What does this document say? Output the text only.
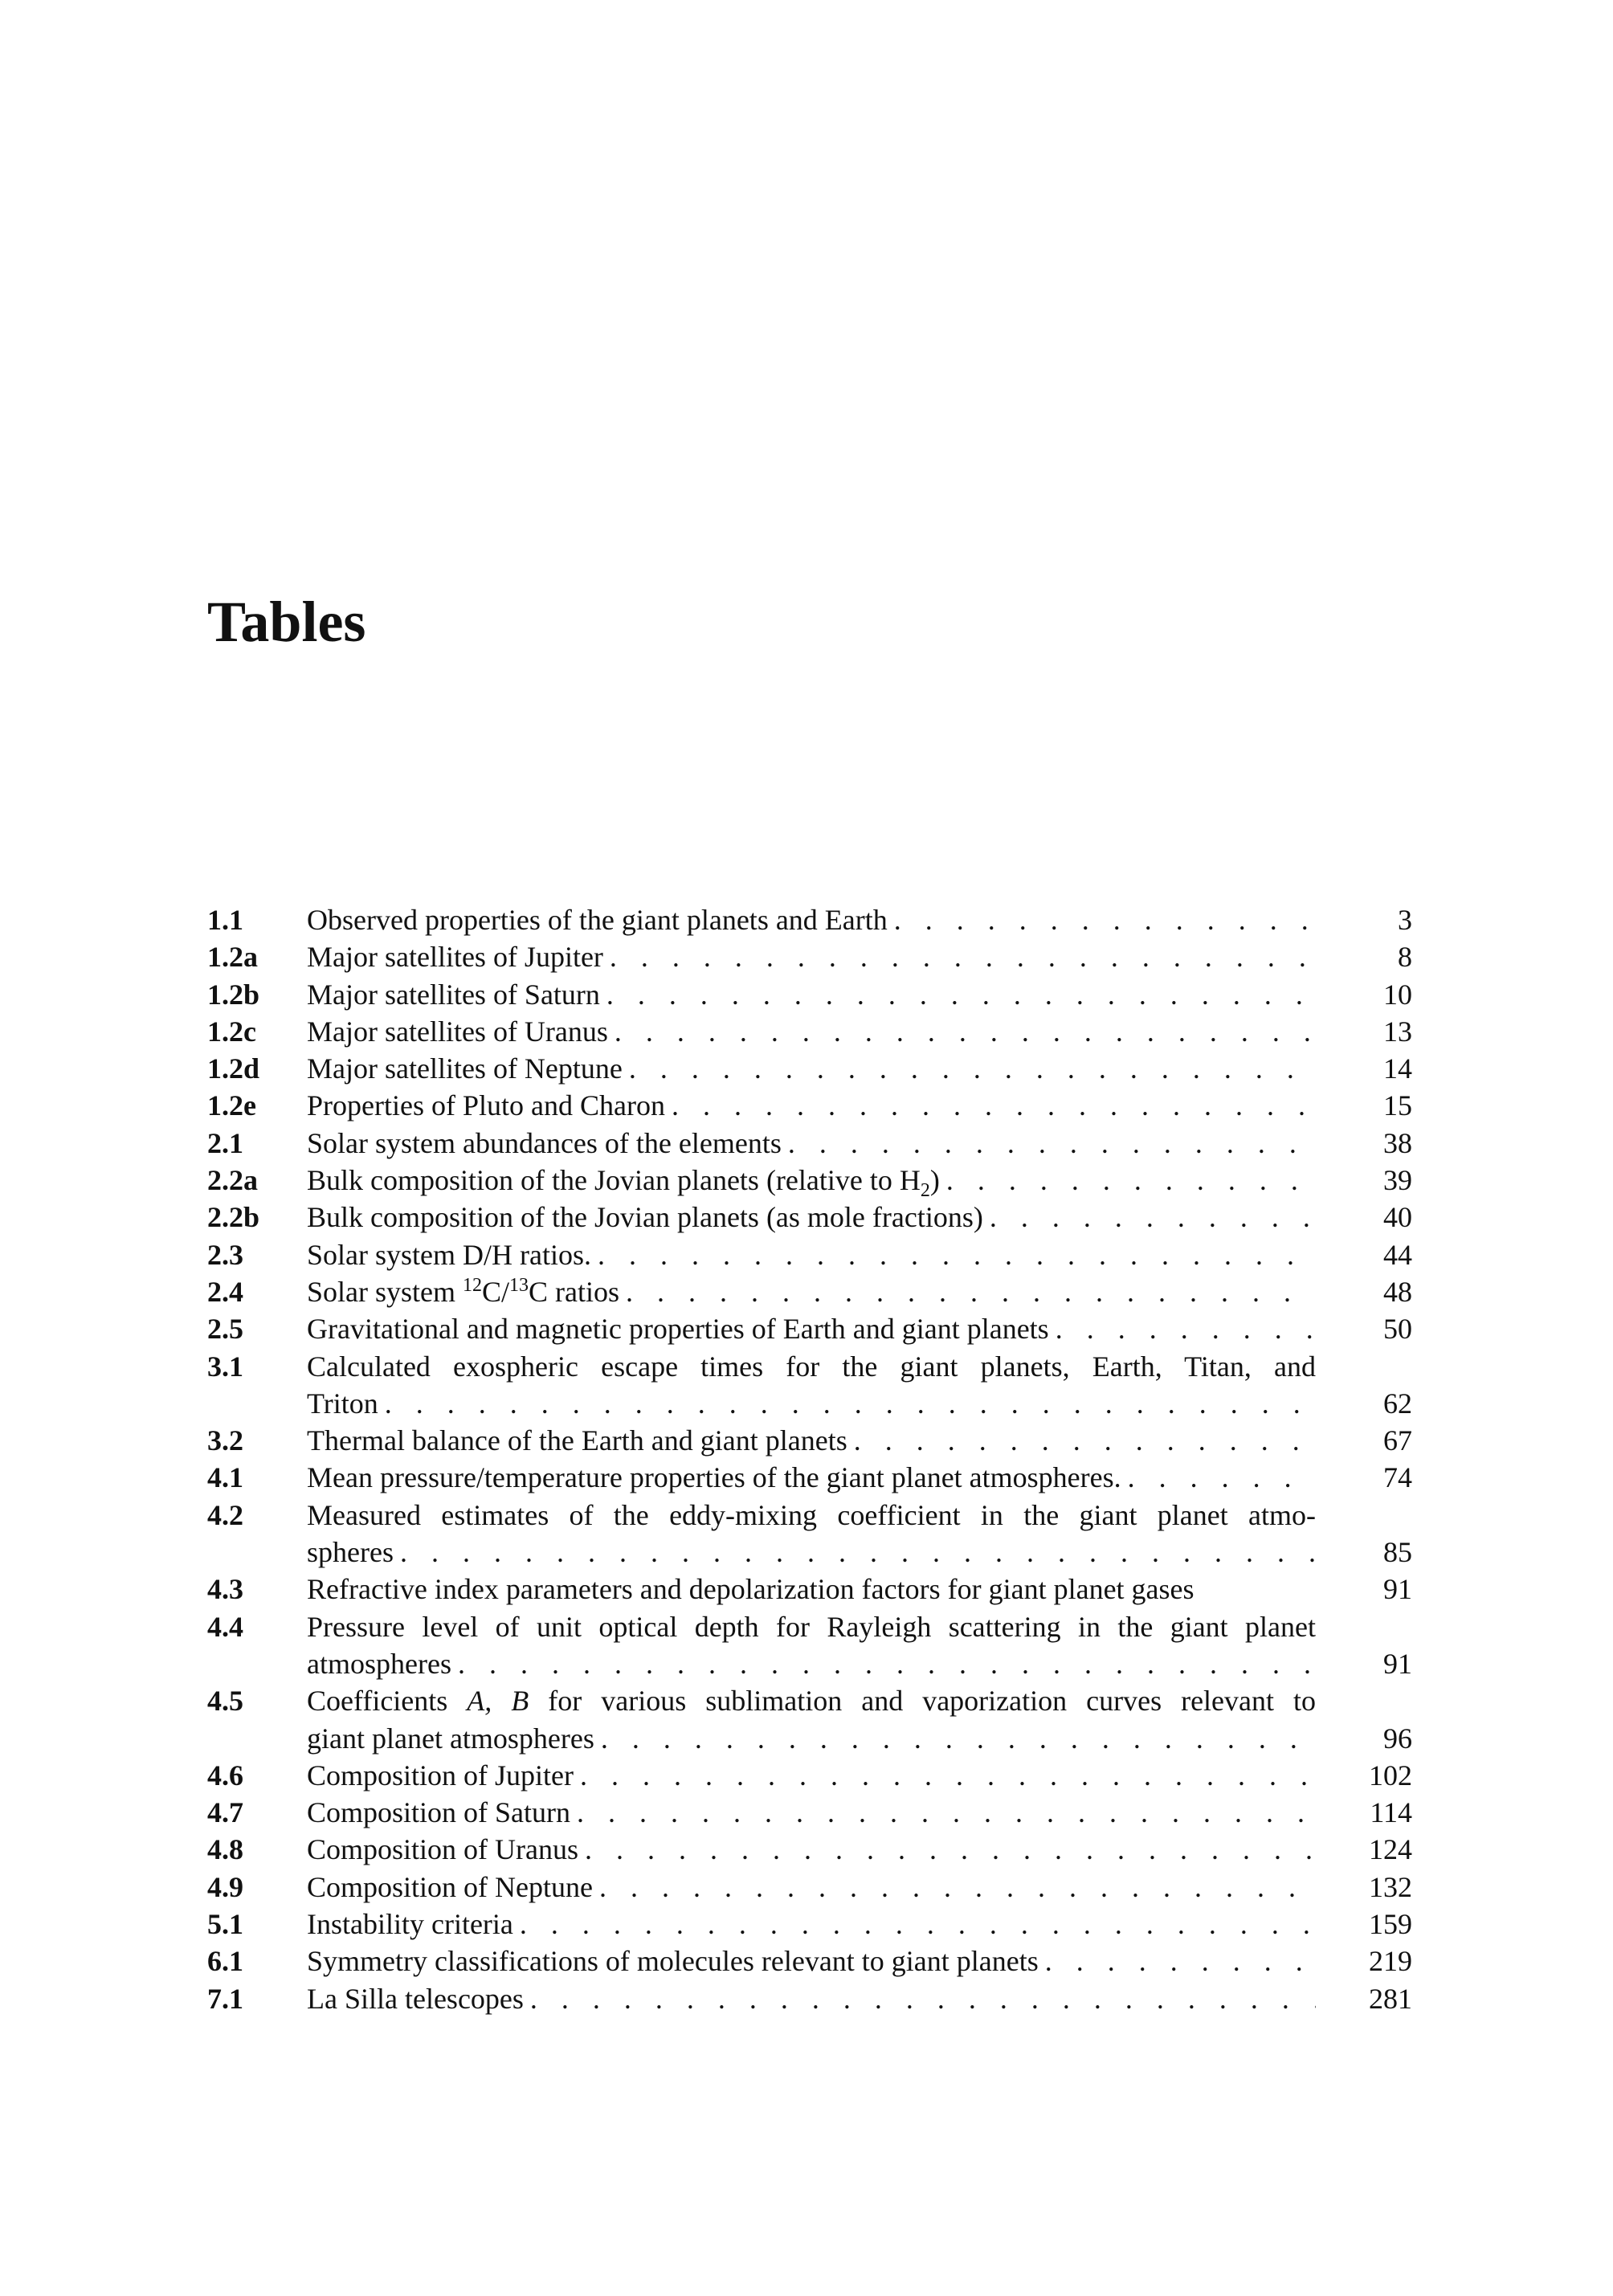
Tables
1.1	Observed properties of the giant planets and Earth . . .	3
1.2a	Major satellites of Jupiter . . .	8
1.2b	Major satellites of Saturn . . .	10
1.2c	Major satellites of Uranus . . .	13
1.2d	Major satellites of Neptune . . .	14
1.2e	Properties of Pluto and Charon . . .	15
2.1	Solar system abundances of the elements . . .	38
2.2a	Bulk composition of the Jovian planets (relative to $H_2$) . . .	39
2.2b	Bulk composition of the Jovian planets (as mole fractions) . . .	40
2.3	Solar system D/H ratios. . . .	44
2.4	Solar system $^{12}$C/$^{13}$C ratios . . .	48
2.5	Gravitational and magnetic properties of Earth and giant planets . . .	50
3.1	Calculated exospheric escape times for the giant planets, Earth, Titan, and
Triton . . .	62
3.2	Thermal balance of the Earth and giant planets . . .	67
4.1	Mean pressure/temperature properties of the giant planet atmospheres. . . .	74
4.2	Measured estimates of the eddy-mixing coefficient in the giant planet atmo-
spheres . . .	85
4.3	Refractive index parameters and depolarization factors for giant planet gases	91
4.4	Pressure level of unit optical depth for Rayleigh scattering in the giant planet
atmospheres . . .	91
4.5	Coefficients A, B for various sublimation and vaporization curves relevant to
giant planet atmospheres . . .	96
4.6	Composition of Jupiter . . .	102
4.7	Composition of Saturn . . .	114
4.8	Composition of Uranus . . .	124
4.9	Composition of Neptune . . .	132
5.1	Instability criteria . . .	159
6.1	Symmetry classifications of molecules relevant to giant planets . . .	219
7.1	La Silla telescopes . . .	281
